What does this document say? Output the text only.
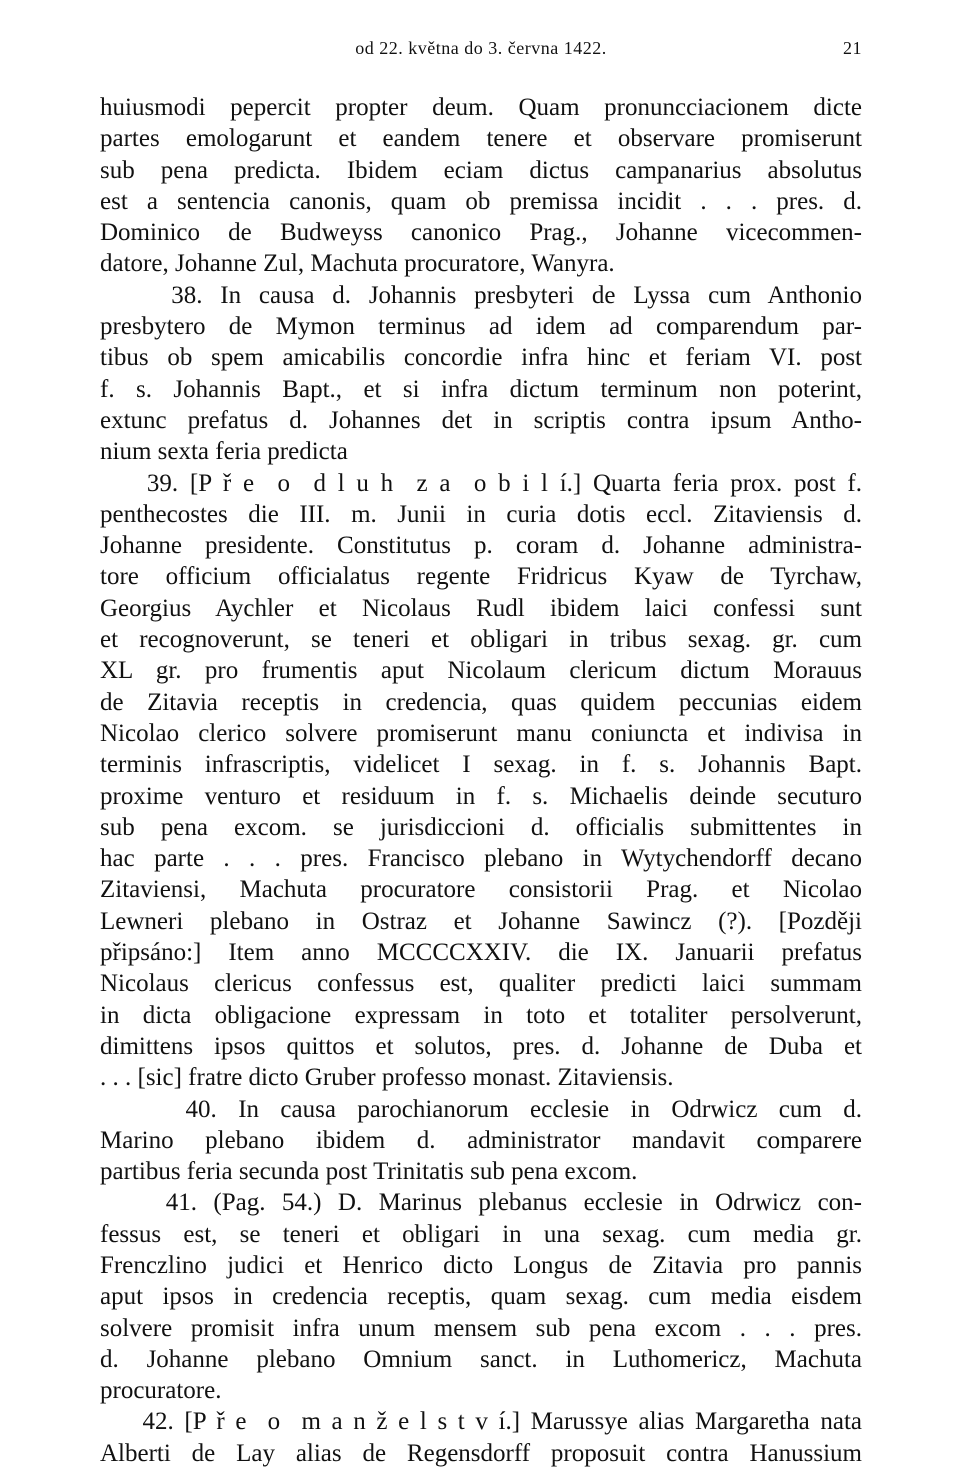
od 22. května do 3. června 1422.	21
huiusmodi pepercit propter deum. Quam pronuncciacionem dicte
partes emologarunt et eandem tenere et observare promiserunt
sub pena predicta. Ibidem eciam dictus campanarius absolutus
est a sentencia canonis, quam ob premissa incidit . . . pres. d.
Dominico de Budweyss canonico Prag., Johanne vicecommen-
datore, Johanne Zul, Machuta procuratore, Wanyra.
38. In causa d. Johannis presbyteri de Lyssa cum Anthonio
presbytero de Mymon terminus ad idem ad comparendum par-
tibus ob spem amicabilis concordie infra hinc et feriam VI. post
f. s. Johannis Bapt., et si infra dictum terminum non poterint,
extunc prefatus d. Johannes det in scriptis contra ipsum Antho-
nium sexta feria predicta
39. [P ř e  o  d l u h  z a  o b i l í.] Quarta feria prox. post f.
penthecostes die III. m. Junii in curia dotis eccl. Zitaviensis d.
Johanne presidente. Constitutus p. coram d. Johanne administra-
tore officium officialatus regente Fridricus Kyaw de Tyrchaw,
Georgius Aychler et Nicolaus Rudl ibidem laici confessi sunt
et recognoverunt, se teneri et obligari in tribus sexag. gr. cum
XL gr. pro frumentis aput Nicolaum clericum dictum Morauus
de Zitavia receptis in credencia, quas quidem peccunias eidem
Nicolao clerico solvere promiserunt manu coniuncta et indivisa in
terminis infrascriptis, videlicet I sexag. in f. s. Johannis Bapt.
proxime venturo et residuum in f. s. Michaelis deinde secuturo
sub pena excom. se jurisdiccioni d. officialis submittentes in
hac parte . . . pres. Francisco plebano in Wytychendorff decano
Zitaviensi, Machuta procuratore consistorii Prag. et Nicolao
Lewneri plebano in Ostraz et Johanne Sawincz (?). [Později
připsáno:] Item anno MCCCCXXIV. die IX. Januarii prefatus
Nicolaus clericus confessus est, qualiter predicti laici summam
in dicta obligacione expressam in toto et totaliter persolverunt,
dimittens ipsos quittos et solutos, pres. d. Johanne de Duba et
. . . [sic] fratre dicto Gruber professo monast. Zitaviensis.
40. In causa parochianorum ecclesie in Odrwicz cum d.
Marino plebano ibidem d. administrator mandavit comparere
partibus feria secunda post Trinitatis sub pena excom.
41. (Pag. 54.) D. Marinus plebanus ecclesie in Odrwicz con-
fessus est, se teneri et obligari in una sexag. cum media gr.
Frenczlino judici et Henrico dicto Longus de Zitavia pro pannis
aput ipsos in credencia receptis, quam sexag. cum media eisdem
solvere promisit infra unum mensem sub pena excom . . . pres.
d. Johanne plebano Omnium sanct. in Luthomericz, Machuta
procuratore.
42. [P ř e  o  m a n ž e l s t v í.] Marussye alias Margaretha nata
Alberti de Lay alias de Regensdorff proposuit contra Hanussium
